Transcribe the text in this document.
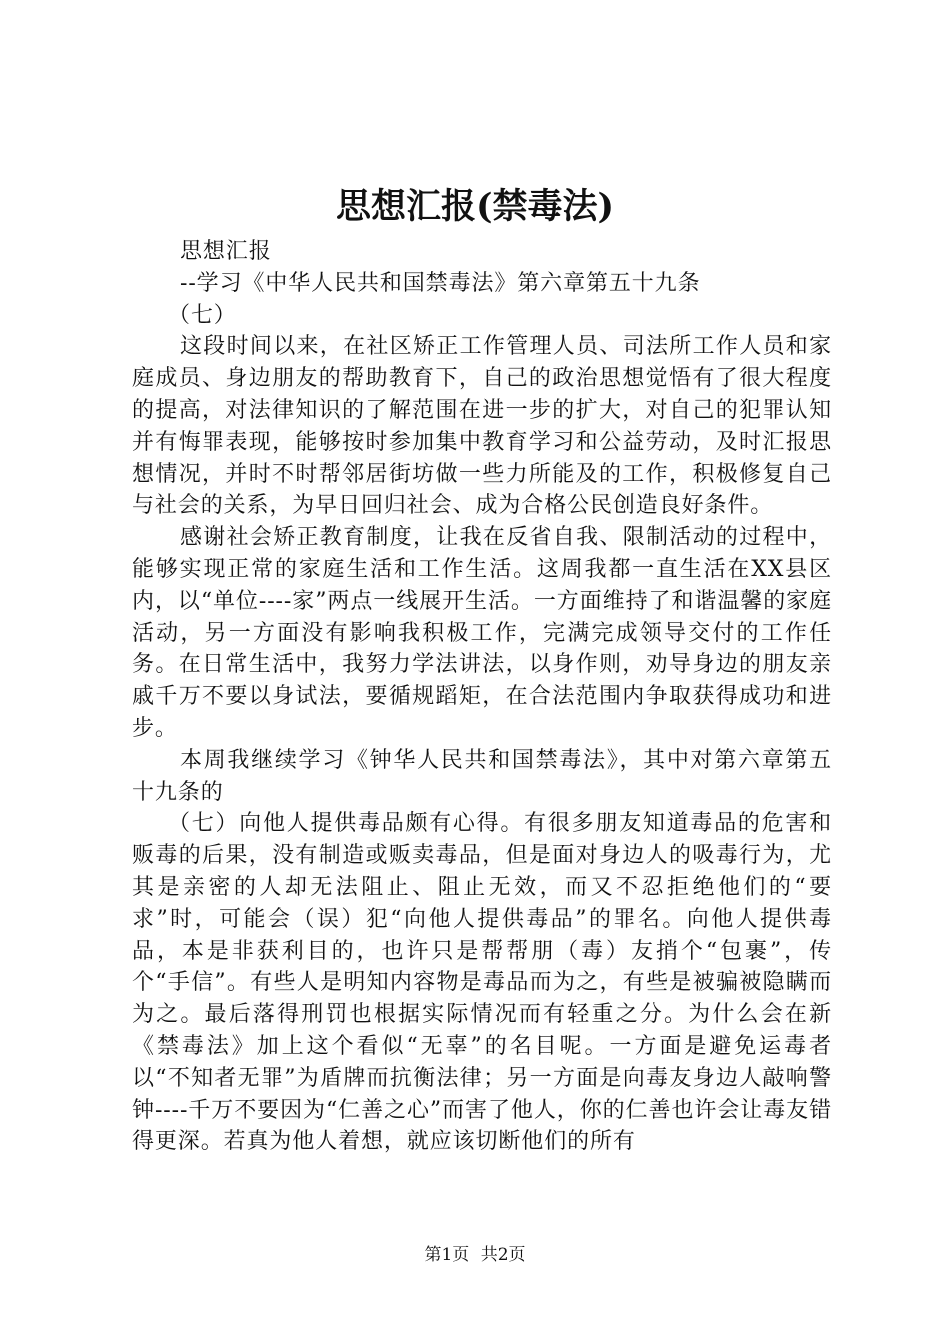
思想汇报(禁毒法)

思想汇报

--学习《中华人民共和国禁毒法》第六章第五十九条

（七）

这段时间以来，在社区矫正工作管理人员、司法所工作人员和家庭成员、身边朋友的帮助教育下，自己的政治思想觉悟有了很大程度的提高，对法律知识的了解范围在进一步的扩大，对自己的犯罪认知并有悔罪表现，能够按时参加集中教育学习和公益劳动，及时汇报思想情况，并时不时帮邻居街坊做一些力所能及的工作，积极修复自己与社会的关系，为早日回归社会、成为合格公民创造良好条件。

感谢社会矫正教育制度，让我在反省自我、限制活动的过程中，能够实现正常的家庭生活和工作生活。这周我都一直生活在XX县区内，以“单位----家”两点一线展开生活。一方面维持了和谐温馨的家庭活动，另一方面没有影响我积极工作，完满完成领导交付的工作任务。在日常生活中，我努力学法讲法，以身作则，劝导身边的朋友亲戚千万不要以身试法，要循规蹈矩，在合法范围内争取获得成功和进步。

本周我继续学习《钟华人民共和国禁毒法》，其中对第六章第五十九条的

（七）向他人提供毒品颇有心得。有很多朋友知道毒品的危害和贩毒的后果，没有制造或贩卖毒品，但是面对身边人的吸毒行为，尤其是亲密的人却无法阻止、阻止无效，而又不忍拒绝他们的“要求”时，可能会（误）犯“向他人提供毒品”的罪名。向他人提供毒品，本是非获利目的，也许只是帮帮朋（毒）友捎个“包裹”，传个“手信”。有些人是明知内容物是毒品而为之，有些是被骗被隐瞒而为之。最后落得刑罚也根据实际情况而有轻重之分。为什么会在新《禁毒法》加上这个看似“无辜”的名目呢。一方面是避免运毒者以“不知者无罪”为盾牌而抗衡法律；另一方面是向毒友身边人敲响警钟----千万不要因为“仁善之心”而害了他人，你的仁善也许会让毒友错得更深。若真为他人着想，就应该切断他们的所有

第1页 共2页
